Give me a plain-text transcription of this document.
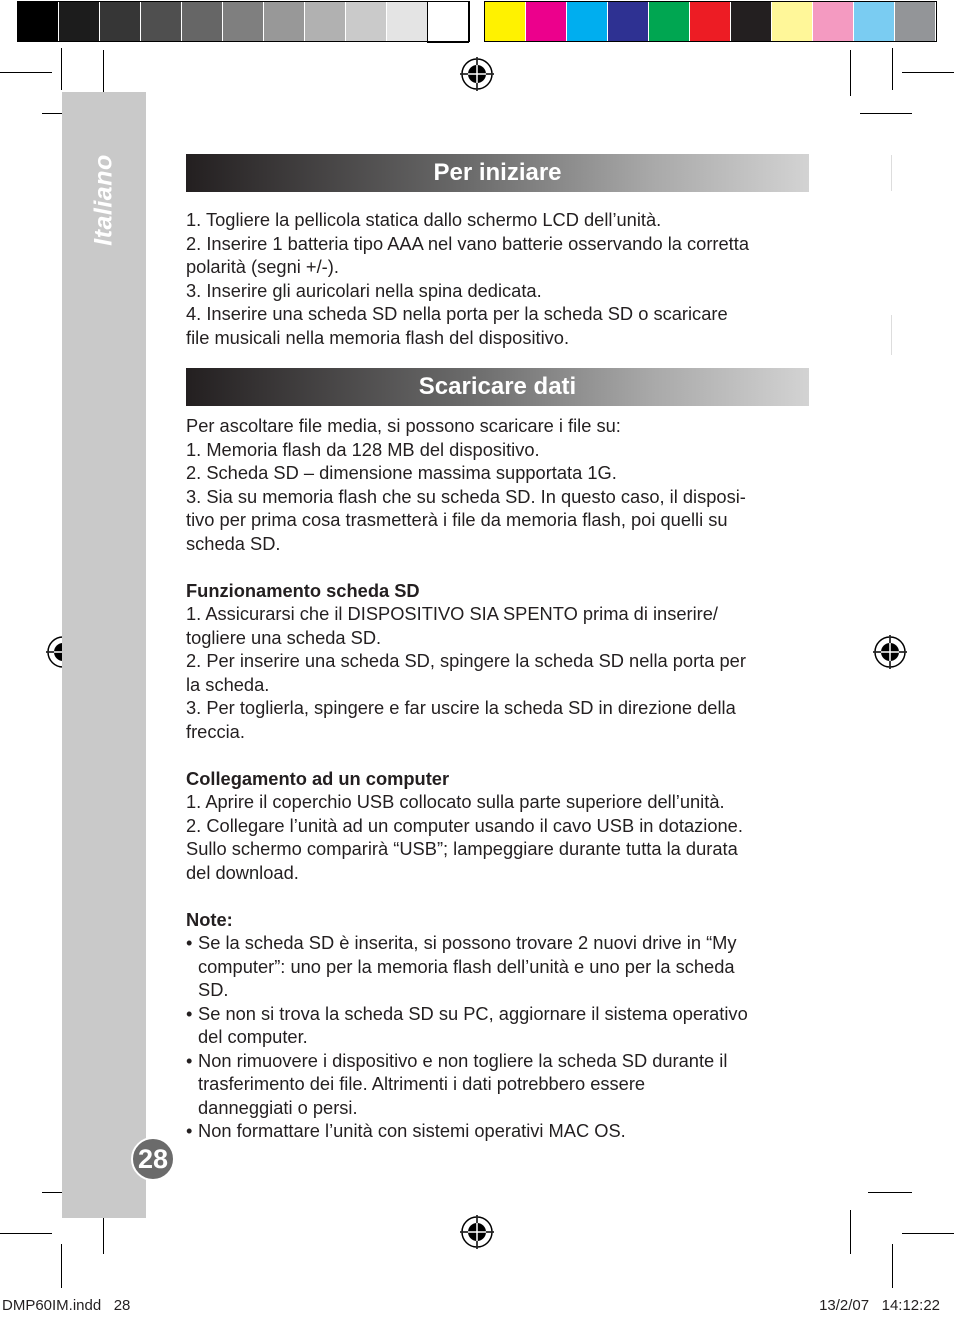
Italiano
28
Per iniziare

1. Togliere la pellicola statica dallo schermo LCD dell’unità.

2. Inserire 1 batteria tipo AAA nel vano batterie osservando la corretta

polarità (segni +/-).

3. Inserire gli auricolari nella spina dedicata.

4. Inserire una scheda SD nella porta per la scheda SD o scaricare

file musicali nella memoria flash del dispositivo.

Scaricare dati

Per ascoltare file media, si possono scaricare i file su:

1. Memoria flash da 128 MB del dispositivo.

2. Scheda SD – dimensione massima supportata 1G.

3. Sia su memoria flash che su scheda SD. In questo caso, il disposi-

tivo per prima cosa trasmetterà i file da memoria flash, poi quelli su

scheda SD.

Funzionamento scheda SD

1. Assicurarsi che il DISPOSITIVO SIA SPENTO prima di inserire/

togliere una scheda SD.

2. Per inserire una scheda SD, spingere la scheda SD nella porta per

la scheda.

3. Per toglierla, spingere e far uscire la scheda SD in direzione della

freccia.

Collegamento ad un computer

1. Aprire il coperchio USB collocato sulla parte superiore dell’unità.

2. Collegare l’unità ad un computer usando il cavo USB in dotazione.

Sullo schermo comparirà “USB”; lampeggiare durante tutta la durata

del download.

Note:

• Se la scheda SD è inserita, si possono trovare 2 nuovi drive in “My

computer”: uno per la memoria flash dell’unità e uno per la scheda

SD.

• Se non si trova la scheda SD su PC, aggiornare il sistema operativo

del computer.

• Non rimuovere i dispositivo e non togliere la scheda SD durante il

trasferimento dei file. Altrimenti i dati potrebbero essere

danneggiati o persi.

• Non formattare l’unità con sistemi operativi MAC OS.

DMP60IM.indd   28	13/2/07   14:12:22
